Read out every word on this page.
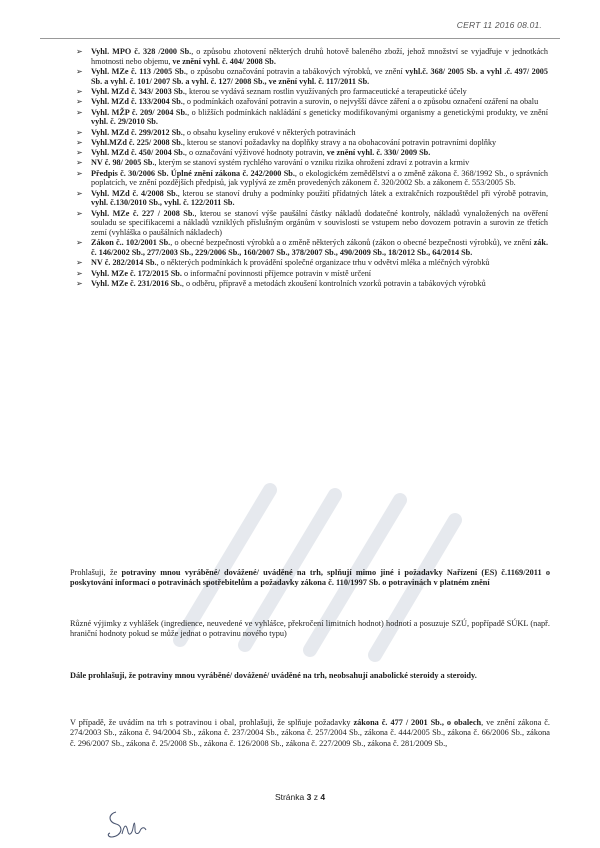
CERT 11 2016 08.01.
➢ Vyhl. MPO č. 328 /2000 Sb., o způsobu zhotovení některých druhů hotově baleného zboží, jehož množství se vyjadřuje v jednotkách hmotnosti nebo objemu, ve znění vyhl. č. 404/ 2008 Sb.
➢ Vyhl. MZe č. 113 /2005 Sb., o způsobu označování potravin a tabákových výrobků, ve znění vyhl.č. 368/ 2005 Sb. a vyhl .č. 497/ 2005 Sb. a vyhl. č. 101/ 2007 Sb. a vyhl. č. 127/ 2008 Sb., ve znění vyhl. č. 117/2011 Sb.
➢ Vyhl. MZd č. 343/ 2003 Sb., kterou se vydává seznam rostlin využívaných pro farmaceutické a terapeutické účely
➢ Vyhl. MZd č. 133/2004 Sb., o podmínkách ozařování potravin a surovin, o nejvyšší dávce záření a o způsobu označení ozáření na obalu
➢ Vyhl. MŽP č. 209/ 2004 Sb., o bližších podmínkách nakládání s geneticky modifikovanými organismy a genetickými produkty, ve znění vyhl. č. 29/2010 Sb.
➢ Vyhl. MZd č. 299/2012 Sb., o obsahu kyseliny erukové v některých potravinách
➢ Vyhl.MZd č. 225/ 2008 Sb., kterou se stanoví požadavky na doplňky stravy a na obohacování potravin potravními doplňky
➢ Vyhl. MZd č. 450/ 2004 Sb., o označování výživové hodnoty potravin, ve znění vyhl. č. 330/ 2009 Sb.
➢ NV č. 98/ 2005 Sb., kterým se stanoví systém rychlého varování o vzniku rizika ohrožení zdraví z potravin a krmiv
➢ Předpis č. 30/2006 Sb. Úplné znění zákona č. 242/2000 Sb., o ekologickém zemědělství a o změně zákona č. 368/1992 Sb., o správních poplatcích, ve znění pozdějších předpisů, jak vyplývá ze změn provedených zákonem č. 320/2002 Sb. a zákonem č. 553/2005 Sb.
➢ Vyhl. MZd č. 4/2008 Sb., kterou se stanoví druhy a podmínky použití přídatných látek a extrakčních rozpouštědel při výrobě potravin, vyhl. č.130/2010 Sb., vyhl. č. 122/2011 Sb.
➢ Vyhl. MZe č. 227 / 2008 Sb., kterou se stanoví výše paušální částky nákladů dodatečné kontroly, nákladů vynaložených na ověření souladu se specifikacemi a nákladů vzniklých příslušným orgánům v souvislosti se vstupem nebo dovozem potravin a surovin ze třetích zemí (vyhláška o paušálních nákladech)
➢ Zákon č.. 102/2001 Sb., o obecné bezpečnosti výrobků a o změně některých zákonů (zákon o obecné bezpečnosti výrobků), ve znění zák. č. 146/2002 Sb., 277/2003 Sb., 229/2006 Sb., 160/2007 Sb., 378/2007 Sb., 490/2009 Sb., 18/2012 Sb., 64/2014 Sb.
➢ NV č. 282/2014 Sb., o některých podmínkách k provádění společné organizace trhu v odvětví mléka a mléčných výrobků
➢ Vyhl. MZe č. 172/2015 Sb. o informační povinnosti příjemce potravin v místě určení
➢ Vyhl. MZe č. 231/2016 Sb., o odběru, přípravě a metodách zkoušení kontrolních vzorků potravin a tabákových výrobků
Prohlašuji, že potraviny mnou vyráběné/ dovážené/ uváděné na trh, splňují mimo jiné i požadavky Nařízení (ES) č.1169/2011 o poskytování informací o potravinách spotřebitelům a požadavky zákona č. 110/1997 Sb. o potravinách v platném znění
Různé výjimky z vyhlášek (ingredience, neuvedené ve vyhlášce, překročení limitních hodnot) hodnotí a posuzuje SZÚ, popřípadě SÚKL (např. hraniční hodnoty pokud se může jednat o potravinu nového typu)
Dále prohlašuji, že potraviny mnou vyráběné/ dovážené/ uváděné na trh, neobsahují anabolické steroidy a steroidy.
V případě, že uvádím na trh s potravinou i obal, prohlašuji, že splňuje požadavky zákona č. 477 / 2001 Sb., o obalech, ve znění zákona č. 274/2003 Sb., zákona č. 94/2004 Sb., zákona č. 237/2004 Sb., zákona č. 257/2004 Sb., zákona č. 444/2005 Sb., zákona č. 66/2006 Sb., zákona č. 296/2007 Sb., zákona č. 25/2008 Sb., zákona č. 126/2008 Sb., zákona č. 227/2009 Sb., zákona č. 281/2009 Sb.,
Stránka 3 z 4
